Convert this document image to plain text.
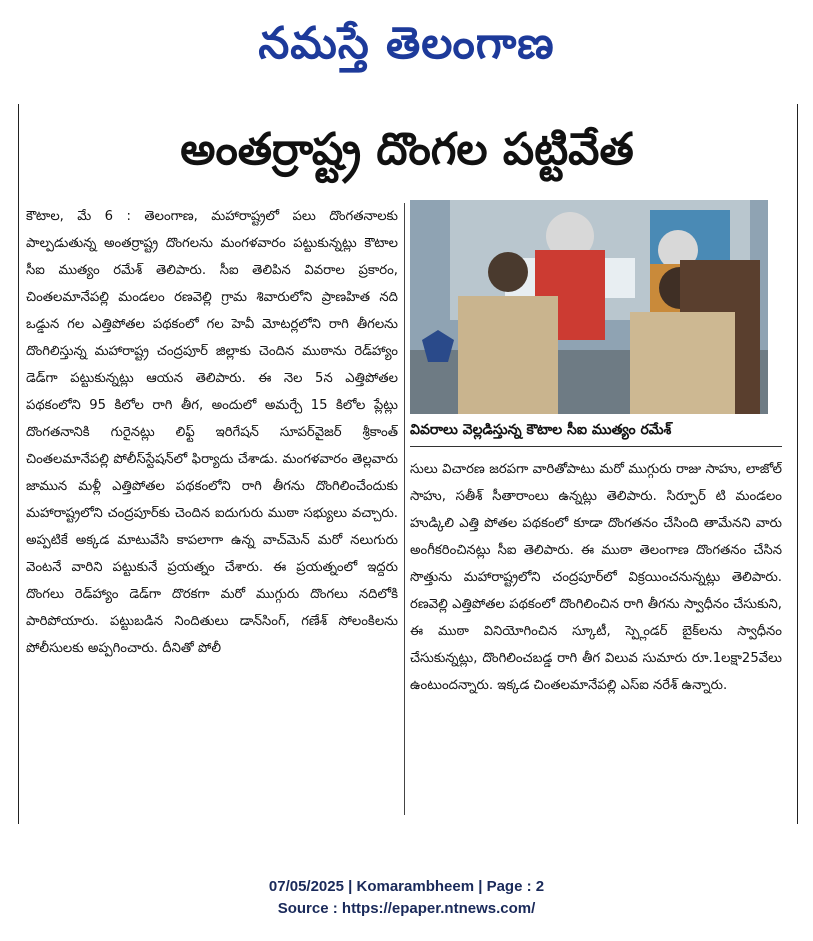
నమస్తే తెలంగాణ
అంతర్రాష్ట్ర దొంగల పట్టివేత
కౌటాల, మే 6 : తెలంగాణ, మహారాష్ట్రలో పలు దొంగతనాలకు పాల్పడుతున్న అంతర్రాష్ట్ర దొంగలను మంగళవారం పట్టుకున్నట్లు కౌటాల సీఐ ముత్యం రమేశ్ తెలిపారు. సీఐ తెలిపిన వివరాల ప్రకారం, చింతలమానేపల్లి మండలం రణవెల్లి గ్రామ శివారులోని ప్రాణహిత నది ఒడ్డున గల ఎత్తిపోతల పథకంలో గల హెవీ మోటర్లలోని రాగి తీగలను దొంగిలిస్తున్న మహారాష్ట్ర చంద్రపూర్ జిల్లాకు చెందిన ముఠాను రెడ్‌హ్యాం డెడ్‌గా పట్టుకున్నట్లు ఆయన తెలిపారు. ఈ నెల 5న ఎత్తిపోతల పథకంలోని 95 కిలోల రాగి తీగ, అందులో అమర్చే 15 కిలోల ప్లేట్లు దొంగతనానికి గురైనట్లు లిఫ్ట్ ఇరిగేషన్ సూపర్‌వైజర్ శ్రీకాంత్ చింతలమానేపల్లి పోలీస్‌స్టేషన్‌లో ఫిర్యాదు చేశాడు. మంగళవారం తెల్లవారు జామున మళ్లీ ఎత్తిపోతల పథకంలోని రాగి తీగను దొంగిలించేందుకు మహారాష్ట్రలోని చంద్రపూర్‌కు చెందిన ఐదుగురు ముఠా సభ్యులు వచ్చారు. అప్పటికే అక్కడ మాటువేసి కాపలాగా ఉన్న వాచ్‌మెన్ మరో నలుగురు వెంటనే వారిని పట్టుకునే ప్రయత్నం చేశారు. ఈ ప్రయత్నంలో ఇద్దరు దొంగలు రెడ్‌హ్యాం డెడ్‌గా దొరకగా మరో ముగ్గురు దొంగలు నదిలోకి పారిపోయారు. పట్టుబడిన నిందితులు డాన్‌సింగ్, గణేశ్ సోలంకిలను పోలీసులకు అప్పగించారు. దీనితో పోలీ
వివరాలు వెల్లడిస్తున్న కౌటాల సీఐ ముత్యం రమేశ్
సులు విచారణ జరపగా వారితోపాటు మరో ముగ్గురు రాజు సాహు, లాజోల్ సాహు, సతీశ్ సీతారాంలు ఉన్నట్లు తెలిపారు. సిర్పూర్ టి మండలం హుడ్కిలి ఎత్తి పోతల పథకంలో కూడా దొంగతనం చేసింది తామేనని వారు అంగీకరించినట్లు సీఐ తెలిపారు. ఈ ముఠా తెలంగాణ దొంగతనం చేసిన సొత్తును మహారాష్ట్రలోని చంద్రపూర్‌లో విక్రయించనున్నట్లు తెలిపారు. రణవెల్లి ఎత్తిపోతల పథకంలో దొంగిలించిన రాగి తీగను స్వాధీనం చేసుకుని, ఈ ముఠా వినియోగించిన స్కూటీ, స్ప్లెండర్ బైక్‌లను స్వాధీనం చేసుకున్నట్లు, దొంగిలించబడ్డ రాగి తీగ విలువ సుమారు రూ.1లక్షా25వేలు ఉంటుందన్నారు. ఇక్కడ చింతలమానేపల్లి ఎస్‌ఐ నరేశ్ ఉన్నారు.
07/05/2025 | Komarambheem | Page : 2
Source : https://epaper.ntnews.com/
